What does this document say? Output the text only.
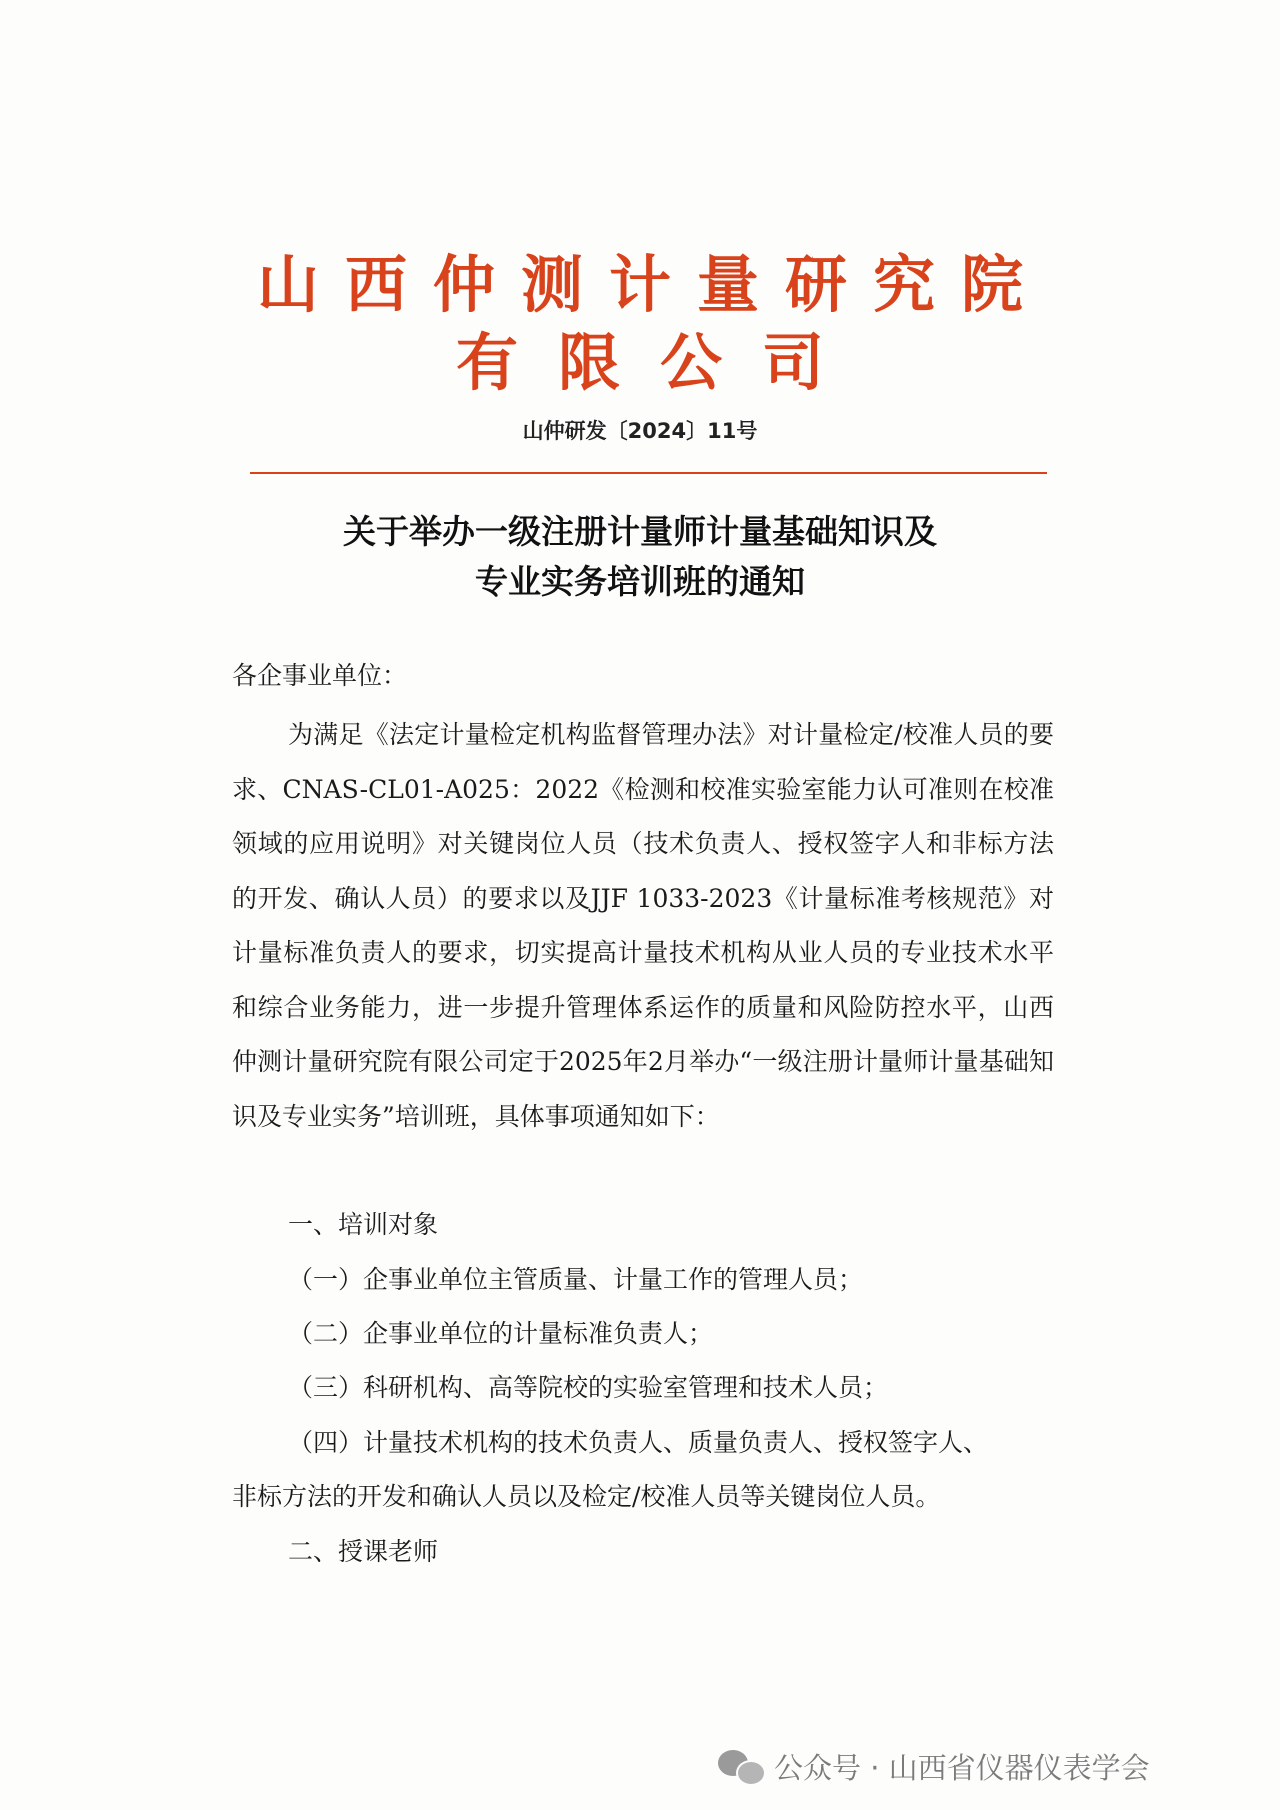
山西仲测计量研究院
有限公司
山仲研发〔2024〕11号
关于举办一级注册计量师计量基础知识及
专业实务培训班的通知
各企事业单位：
为满足《法定计量检定机构监督管理办法》对计量检定/校准人员的要求、CNAS-CL01-A025：2022《检测和校准实验室能力认可准则在校准领域的应用说明》对关键岗位人员（技术负责人、授权签字人和非标方法的开发、确认人员）的要求以及JJF 1033-2023《计量标准考核规范》对计量标准负责人的要求，切实提高计量技术机构从业人员的专业技术水平和综合业务能力，进一步提升管理体系运作的质量和风险防控水平，山西仲测计量研究院有限公司定于2025年2月举办“一级注册计量师计量基础知识及专业实务”培训班，具体事项通知如下：
一、培训对象
（一）企事业单位主管质量、计量工作的管理人员；
（二）企事业单位的计量标准负责人；
（三）科研机构、高等院校的实验室管理和技术人员；
（四）计量技术机构的技术负责人、质量负责人、授权签字人、
非标方法的开发和确认人员以及检定/校准人员等关键岗位人员。
二、授课老师
公众号 · 山西省仪器仪表学会
